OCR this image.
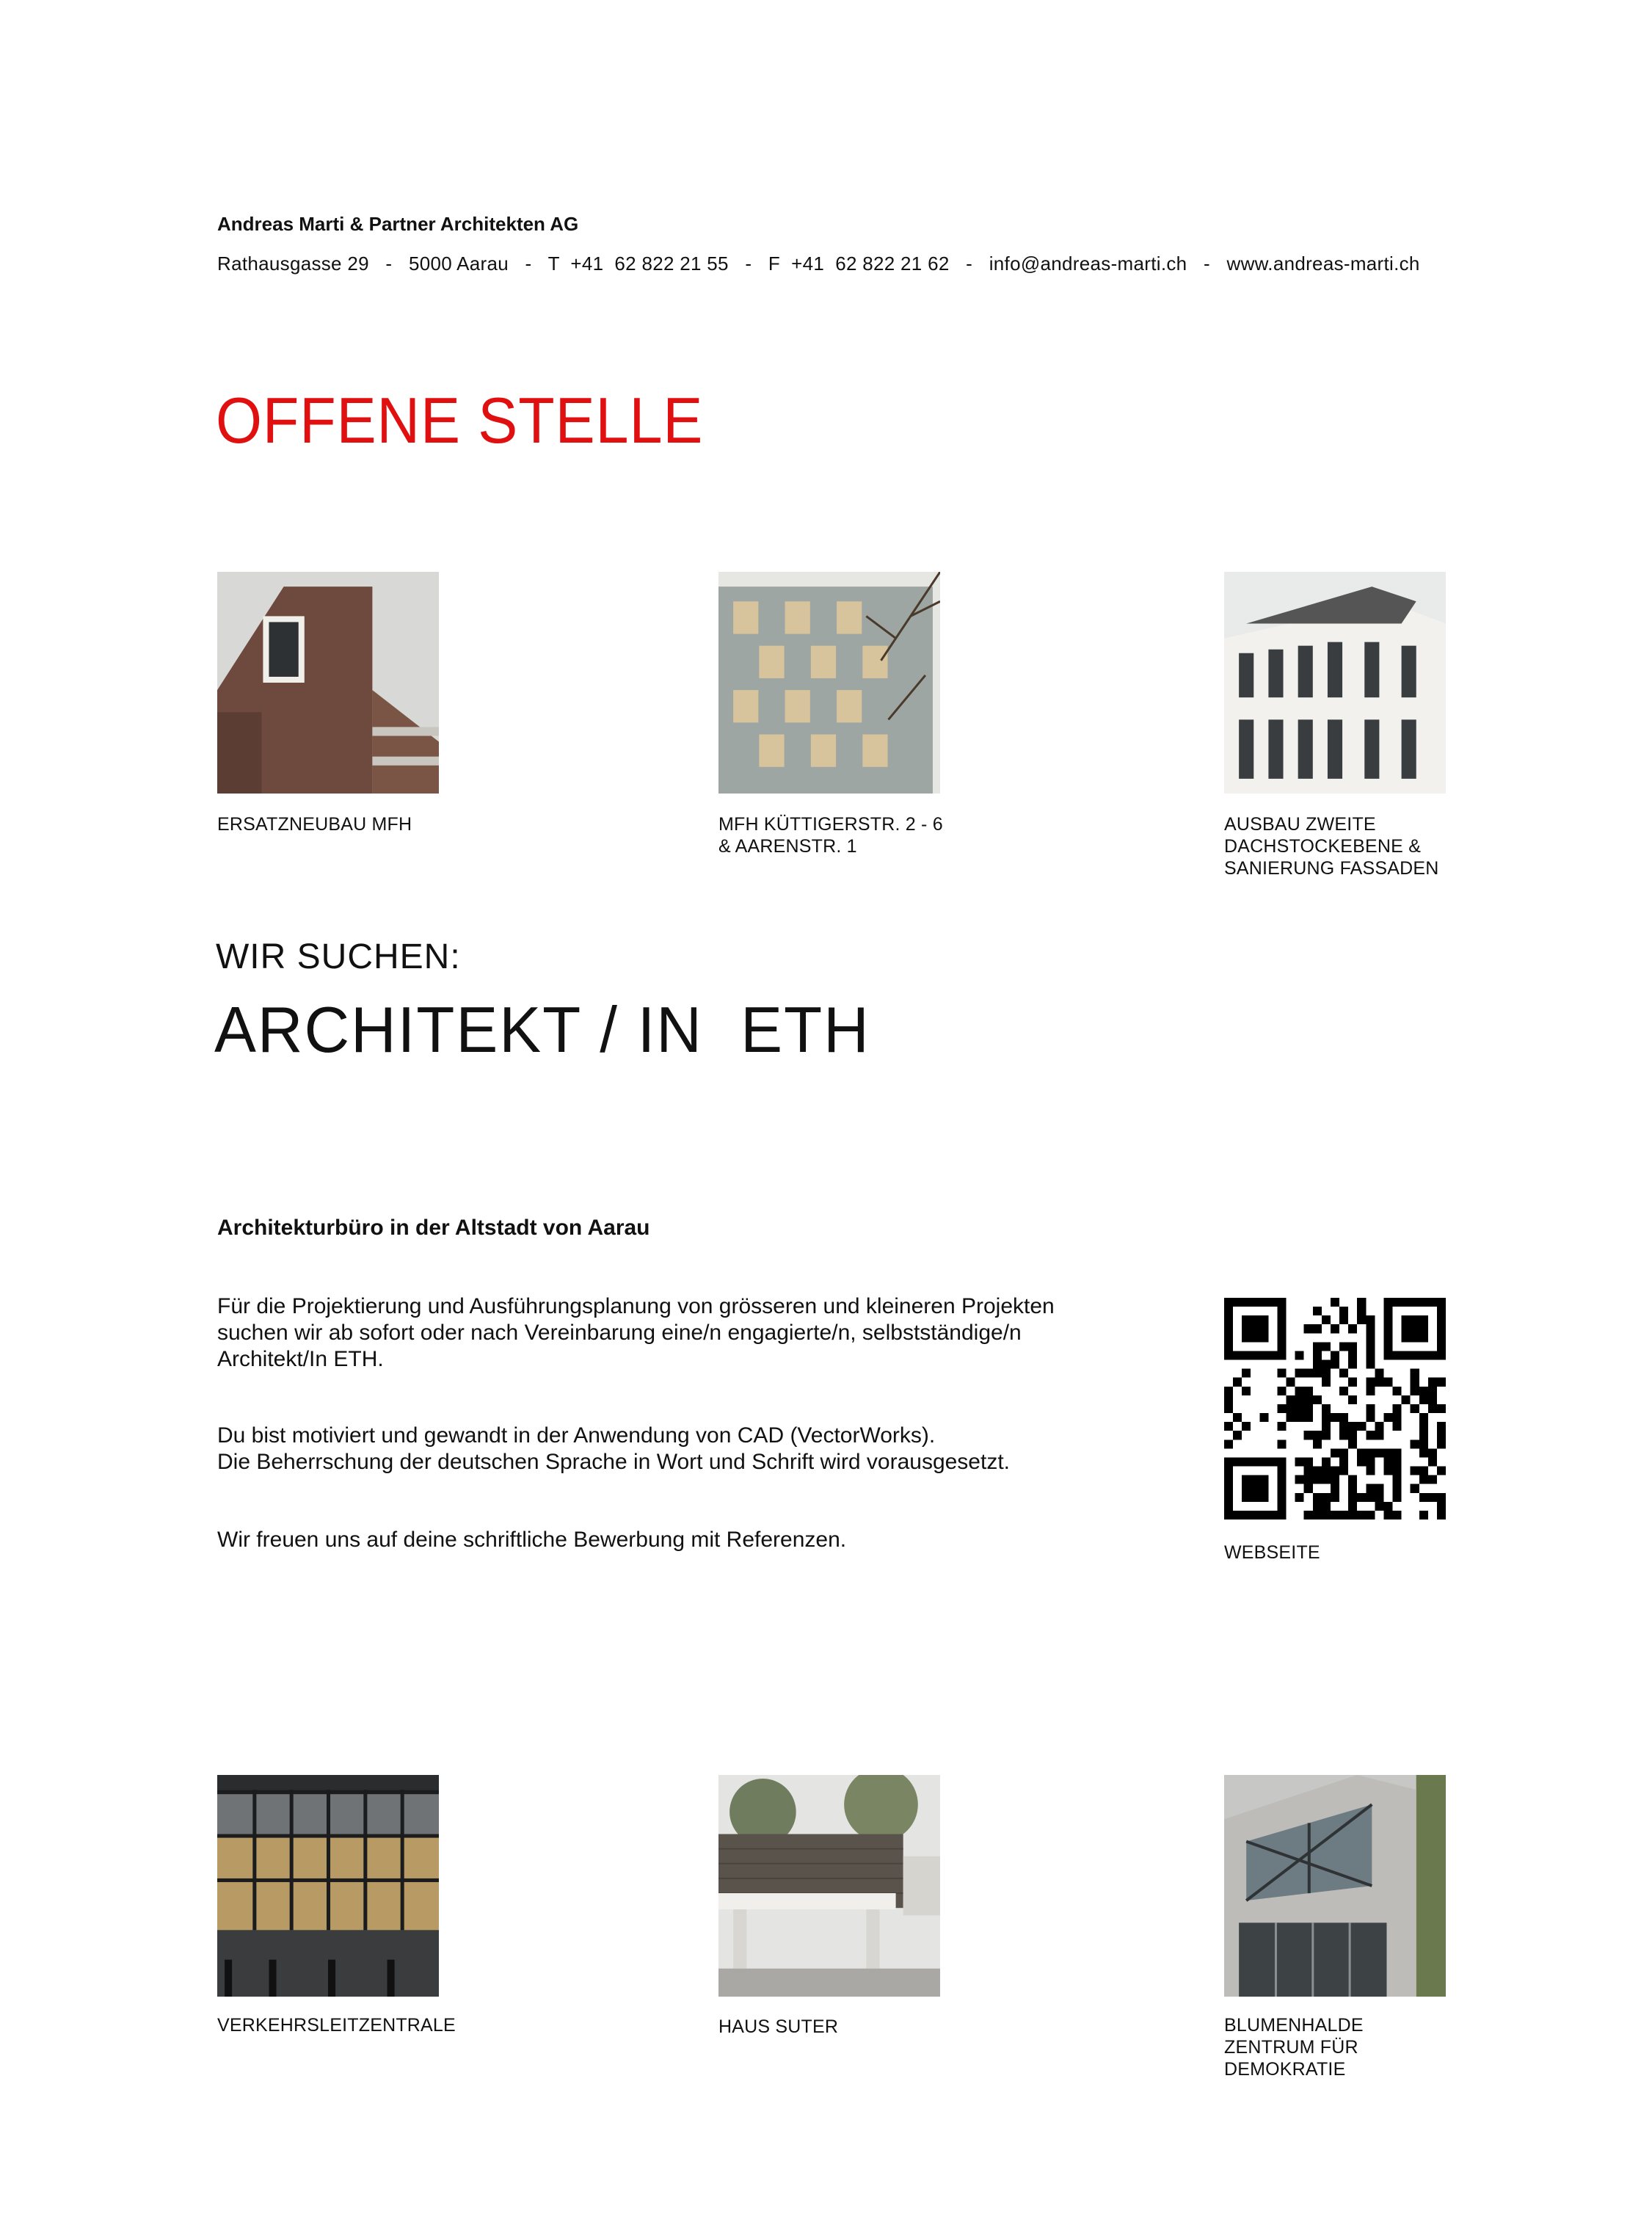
Andreas Marti & Partner Architekten AG
Rathausgasse 29   -   5000 Aarau   -   T  +41  62 822 21 55   -   F  +41  62 822 21 62   -   info@andreas-marti.ch   -   www.andreas-marti.ch
OFFENE STELLE
ERSATZNEUBAU MFH	MFH KÜTTIGERSTR. 2 - 6
& AARENSTR. 1
AUSBAU ZWEITE
DACHSTOCKEBENE &
SANIERUNG FASSADEN
WIR SUCHEN:
ARCHITEKT / IN  ETH
Architekturbüro in der Altstadt von Aarau
Für die Projektierung und Ausführungsplanung von grösseren und kleineren Projekten
suchen wir ab sofort oder nach Vereinbarung eine/n engagierte/n, selbstständige/n
Architekt/In ETH.
Du bist motiviert und gewandt in der Anwendung von CAD (VectorWorks).
Die Beherrschung der deutschen Sprache in Wort und Schrift wird vorausgesetzt.
Wir freuen uns auf deine schriftliche Bewerbung mit Referenzen.
WEBSEITE
VERKEHRSLEITZENTRALE	HAUS SUTER	BLUMENHALDE
ZENTRUM FÜR
DEMOKRATIE
